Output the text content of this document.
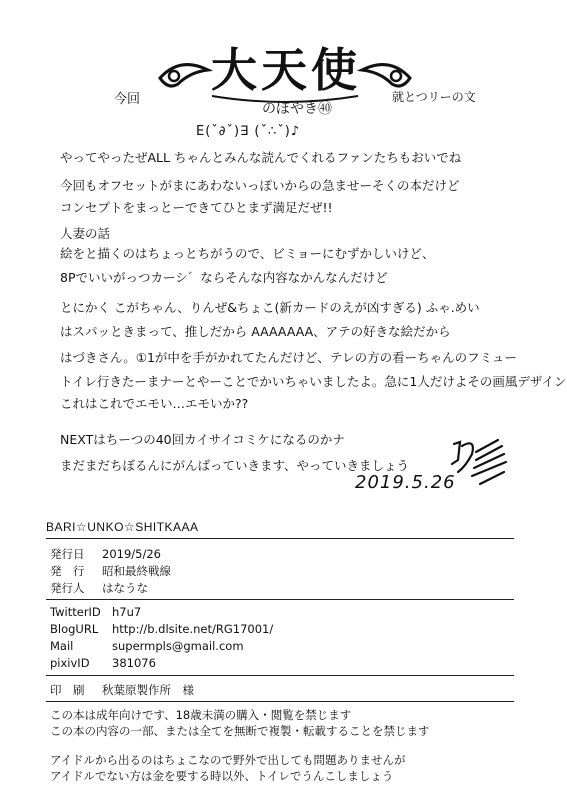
大天使
今回
のぼやき㊵
就とつリーの文
Ε(ˇ∂ˇ)∃ (ˇ∴ˇ)♪
やってやったぜALL ちゃんとみんな読んでくれるファンたちもおいでね
今回もオフセットがまにあわないっぽいからの急ませーそくの本だけど
コンセプトをまっとーできてひとまず満足だぜ!!
人妻の話
絵をと描くのはちょっとちがうので、ビミョーにむずかしいけど、
8Pでいいがっつカーシ゛ならそんな内容なかんなんだけど
とにかく こがちゃん、りんぜ&ちょこ(新カードのえが凶すぎる) ふゃ.めい
はスパッときまって、推しだから AAAAAAA、アテの好きな絵だから
はづきさん。①1が中を手がかれてたんだけど、テレの方の看ーちゃんのフミュー
トイレ行きたーまナーとやーことでかいちゃいましたよ。急に1人だけよその画風デザイン
これはこれでエモい…エモいか??
NEXTはちーつの40回カイサイコミケになるのかナ
まだまだちぼるんにがんばっていきます、やっていきましょう
2019.5.26
BARI☆UNKO☆SHITKAAA
発行日 2019/5/26
発　行 昭和最終戦線
発行人 はなうな
TwitterID h7u7
BlogURL http://b.dlsite.net/RG17001/
Mail	supermpls@gmail.com
pixivID 381076
印　刷 秋葉原製作所　様
この本は成年向けです、18歳未満の購入・閲覧を禁じます
この本の内容の一部、または全てを無断で複製・転載することを禁じます
アイドルから出るのはちょこなので野外で出しても問題ありませんが
アイドルでない方は金を要する時以外、トイレでうんこしましょう
